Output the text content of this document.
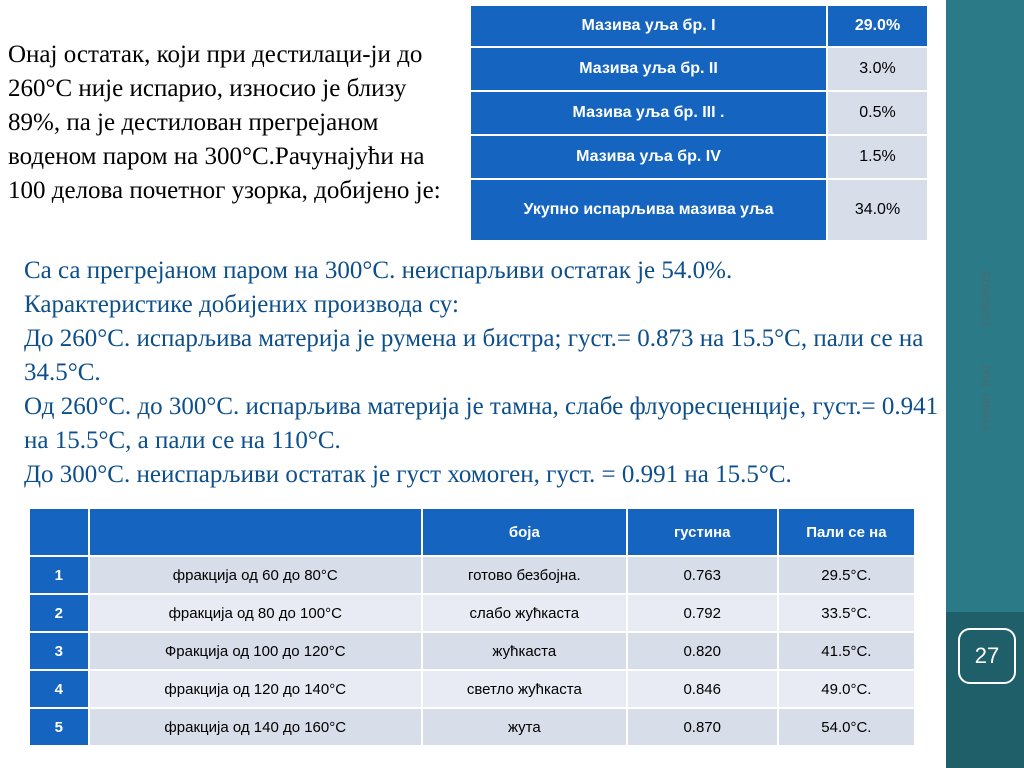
12/8/2018
Footer Text
27
Онај остатак, који при дестилаци-ји до 260°C није испарио, износио је близу 89%, па је дестилован прегрејаном воденом паром на 300°C.Рачунајући на 100 делова почетног узорка, добијено је:
Мазива уља бр. I	29.0%
Мазива уља бр. II	3.0%
Мазива уља бр. III .	0.5%
Мазива уља бр. IV	1.5%
Укупно испарљива мазива уља	34.0%
Са са прегрејаном паром на 300°C. неиспарљиви остатак је 54.0%.
Карактеристике добијених производа су:
До 260°C. испарљива материја је румена и бистра; густ.= 0.873 на 15.5°C, пали се на 34.5°C.
Од 260°C. до 300°C. испарљива материја је тамна, слабе флуоресценције, густ.= 0.941 на 15.5°C, а пали се на 110°C.
До 300°C. неиспарљиви остатак је густ хомоген, густ. = 0.991 на 15.5°C.
		боја	густина	Пали се на
1	фракција од 60 до 80°C	готово безбојна.	0.763	29.5°C.
2	фракција од 80 до 100°C	слабо жућкаста	0.792	33.5°C.
3	Фракција од 100 до 120°C	жућкаста	0.820	41.5°C.
4	фракција од 120 до 140°C	светло жућкаста	0.846	49.0°C.
5	фракција од 140 до 160°C	жута	0.870	54.0°C.
